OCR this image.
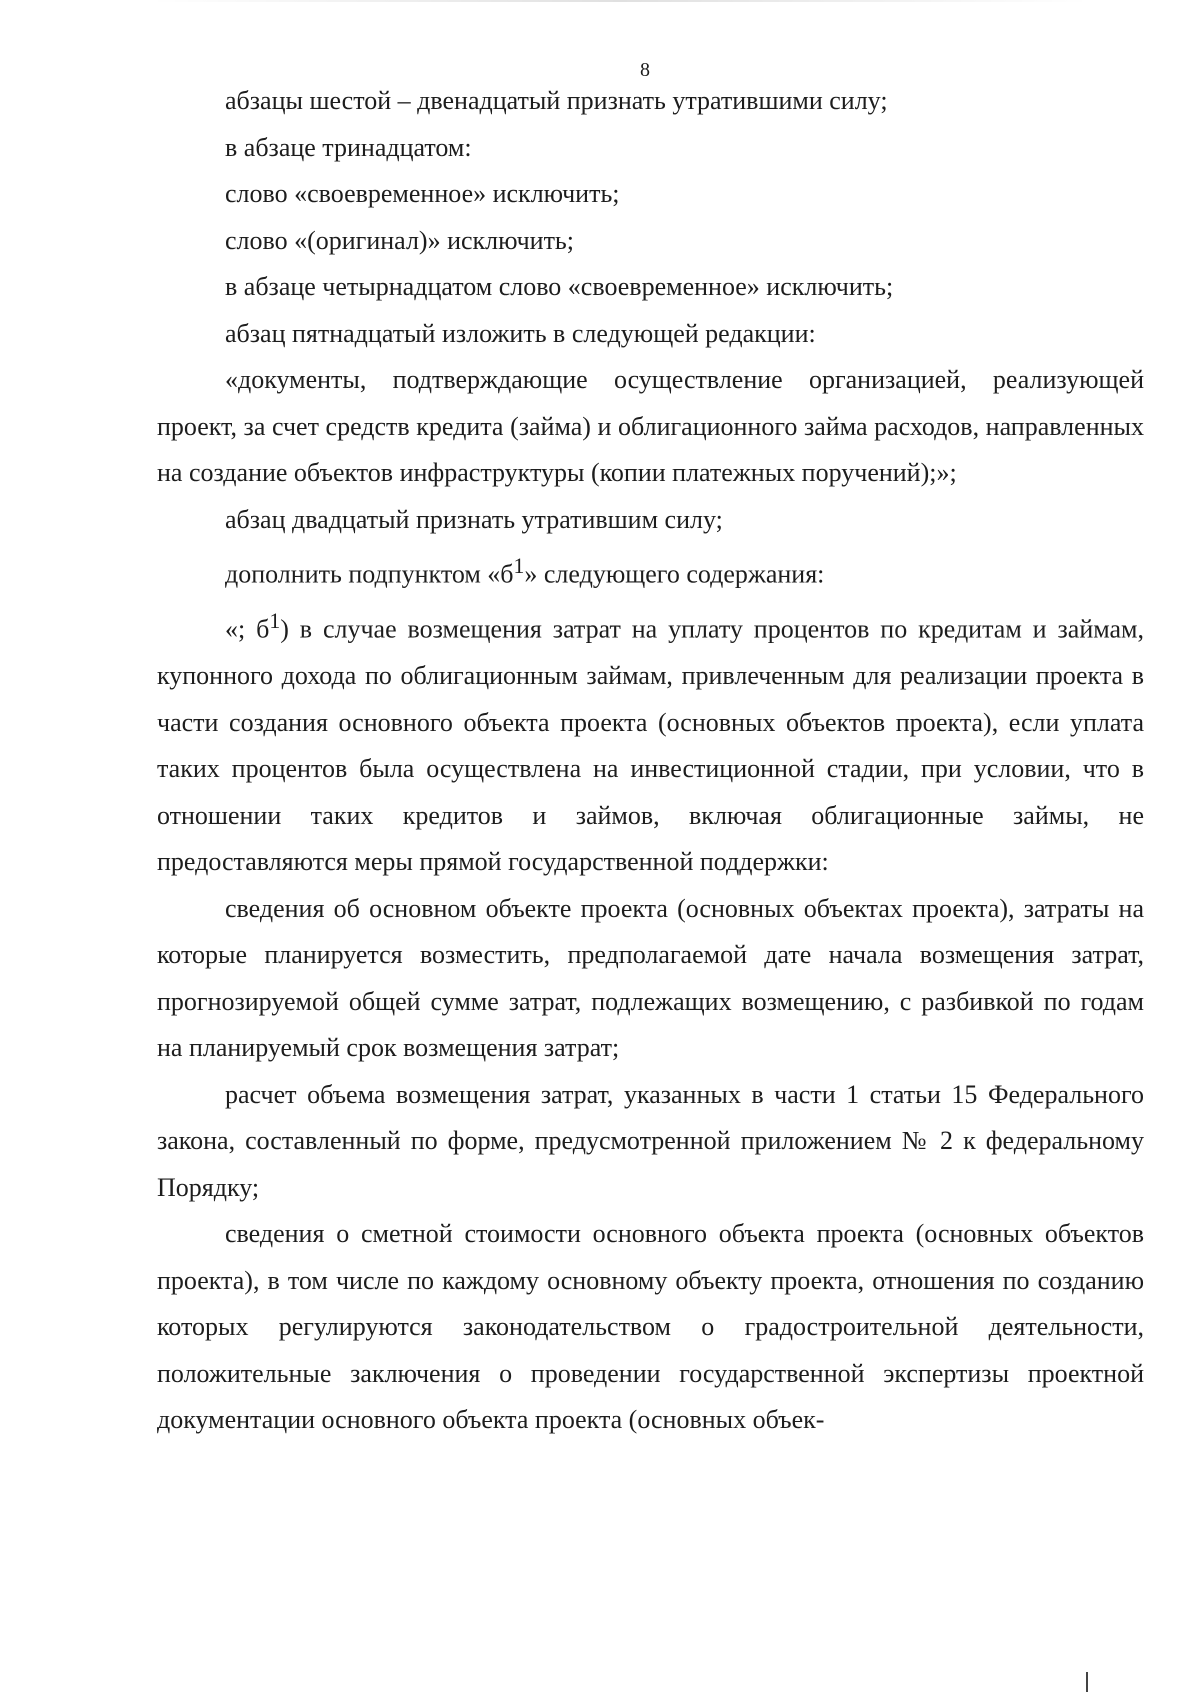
8

абзацы шестой – двенадцатый признать утратившими силу;

в абзаце тринадцатом:

слово «своевременное» исключить;

слово «(оригинал)» исключить;

в абзаце четырнадцатом слово «своевременное» исключить;

абзац пятнадцатый изложить в следующей редакции:

«документы, подтверждающие осуществление организацией, реализующей проект, за счет средств кредита (займа) и облигационного займа расходов, направленных на создание объектов инфраструктуры (копии платежных поручений);»;

абзац двадцатый признать утратившим силу;

дополнить подпунктом «$б^1$» следующего содержания:

«; $б^1$) в случае возмещения затрат на уплату процентов по кредитам и займам, купонного дохода по облигационным займам, привлеченным для реализации проекта в части создания основного объекта проекта (основных объектов проекта), если уплата таких процентов была осуществлена на инвестиционной стадии, при условии, что в отношении таких кредитов и займов, включая облигационные займы, не предоставляются меры прямой государственной поддержки:

сведения об основном объекте проекта (основных объектах проекта), затраты на которые планируется возместить, предполагаемой дате начала возмещения затрат, прогнозируемой общей сумме затрат, подлежащих возмещению, с разбивкой по годам на планируемый срок возмещения затрат;

расчет объема возмещения затрат, указанных в части 1 статьи 15 Федерального закона, составленный по форме, предусмотренной приложением № 2 к федеральному Порядку;

сведения о сметной стоимости основного объекта проекта (основных объектов проекта), в том числе по каждому основному объекту проекта, отношения по созданию которых регулируются законодательством о градостроительной деятельности, положительные заключения о проведении государственной экспертизы проектной документации основного объекта проекта (основных объек-
